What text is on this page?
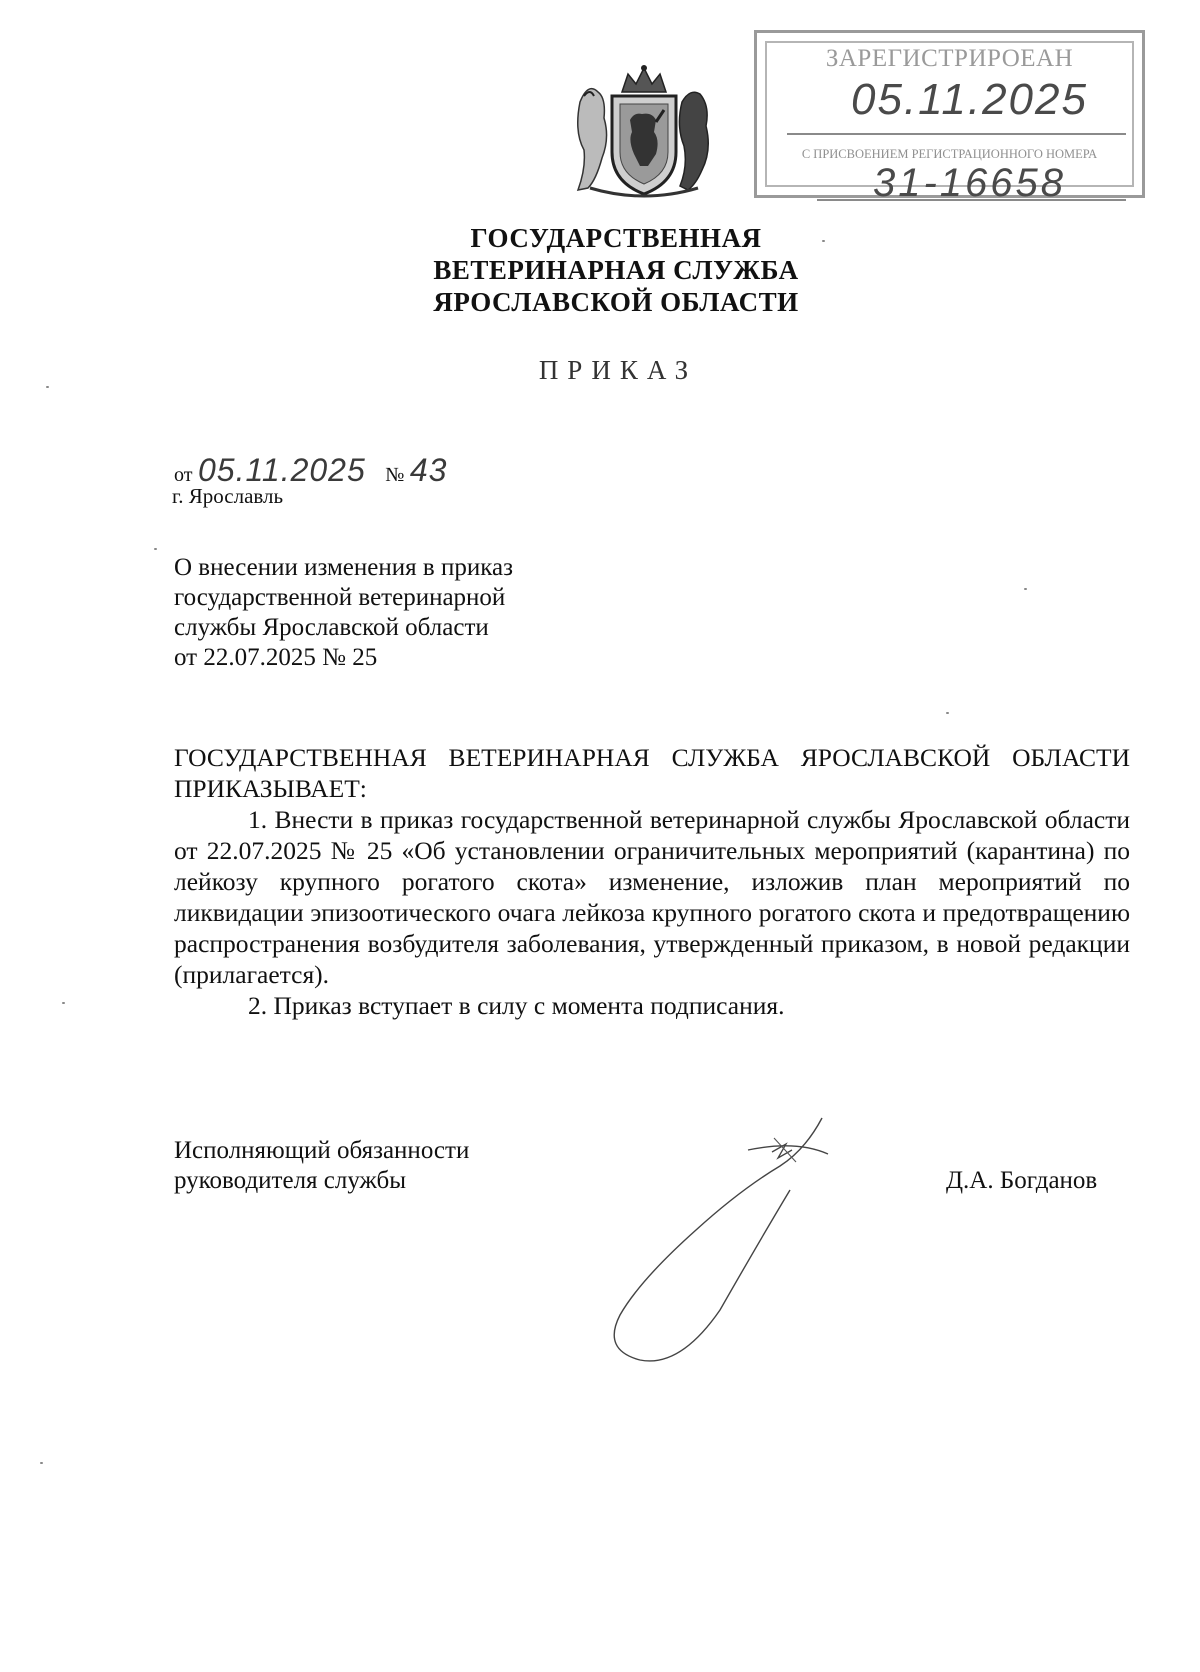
ЗАРЕГИСТРИРОЕАН
05.11.2025
С ПРИСВОЕНИЕМ РЕГИСТРАЦИОННОГО НОМЕРА
31-16658
ГОСУДАРСТВЕННАЯ
ВЕТЕРИНАРНАЯ СЛУЖБА
ЯРОСЛАВСКОЙ ОБЛАСТИ
ПРИКАЗ
от 05.11.2025 № 43
г. Ярославль
О внесении изменения в приказ
государственной ветеринарной
службы Ярославской области
от 22.07.2025 № 25

ГОСУДАРСТВЕННАЯ ВЕТЕРИНАРНАЯ СЛУЖБА ЯРОСЛАВСКОЙ ОБЛАСТИ ПРИКАЗЫВАЕТ:

1. Внести в приказ государственной ветеринарной службы Ярославской области от 22.07.2025 № 25 «Об установлении ограничительных мероприятий (карантина) по лейкозу крупного рогатого скота» изменение, изложив план мероприятий по ликвидации эпизоотического очага лейкоза крупного рогатого скота и предотвращению распространения возбудителя заболевания, утвержденный приказом, в новой редакции (прилагается).

2. Приказ вступает в силу с момента подписания.

Исполняющий обязанности
руководителя службы	Д.А. Богданов
